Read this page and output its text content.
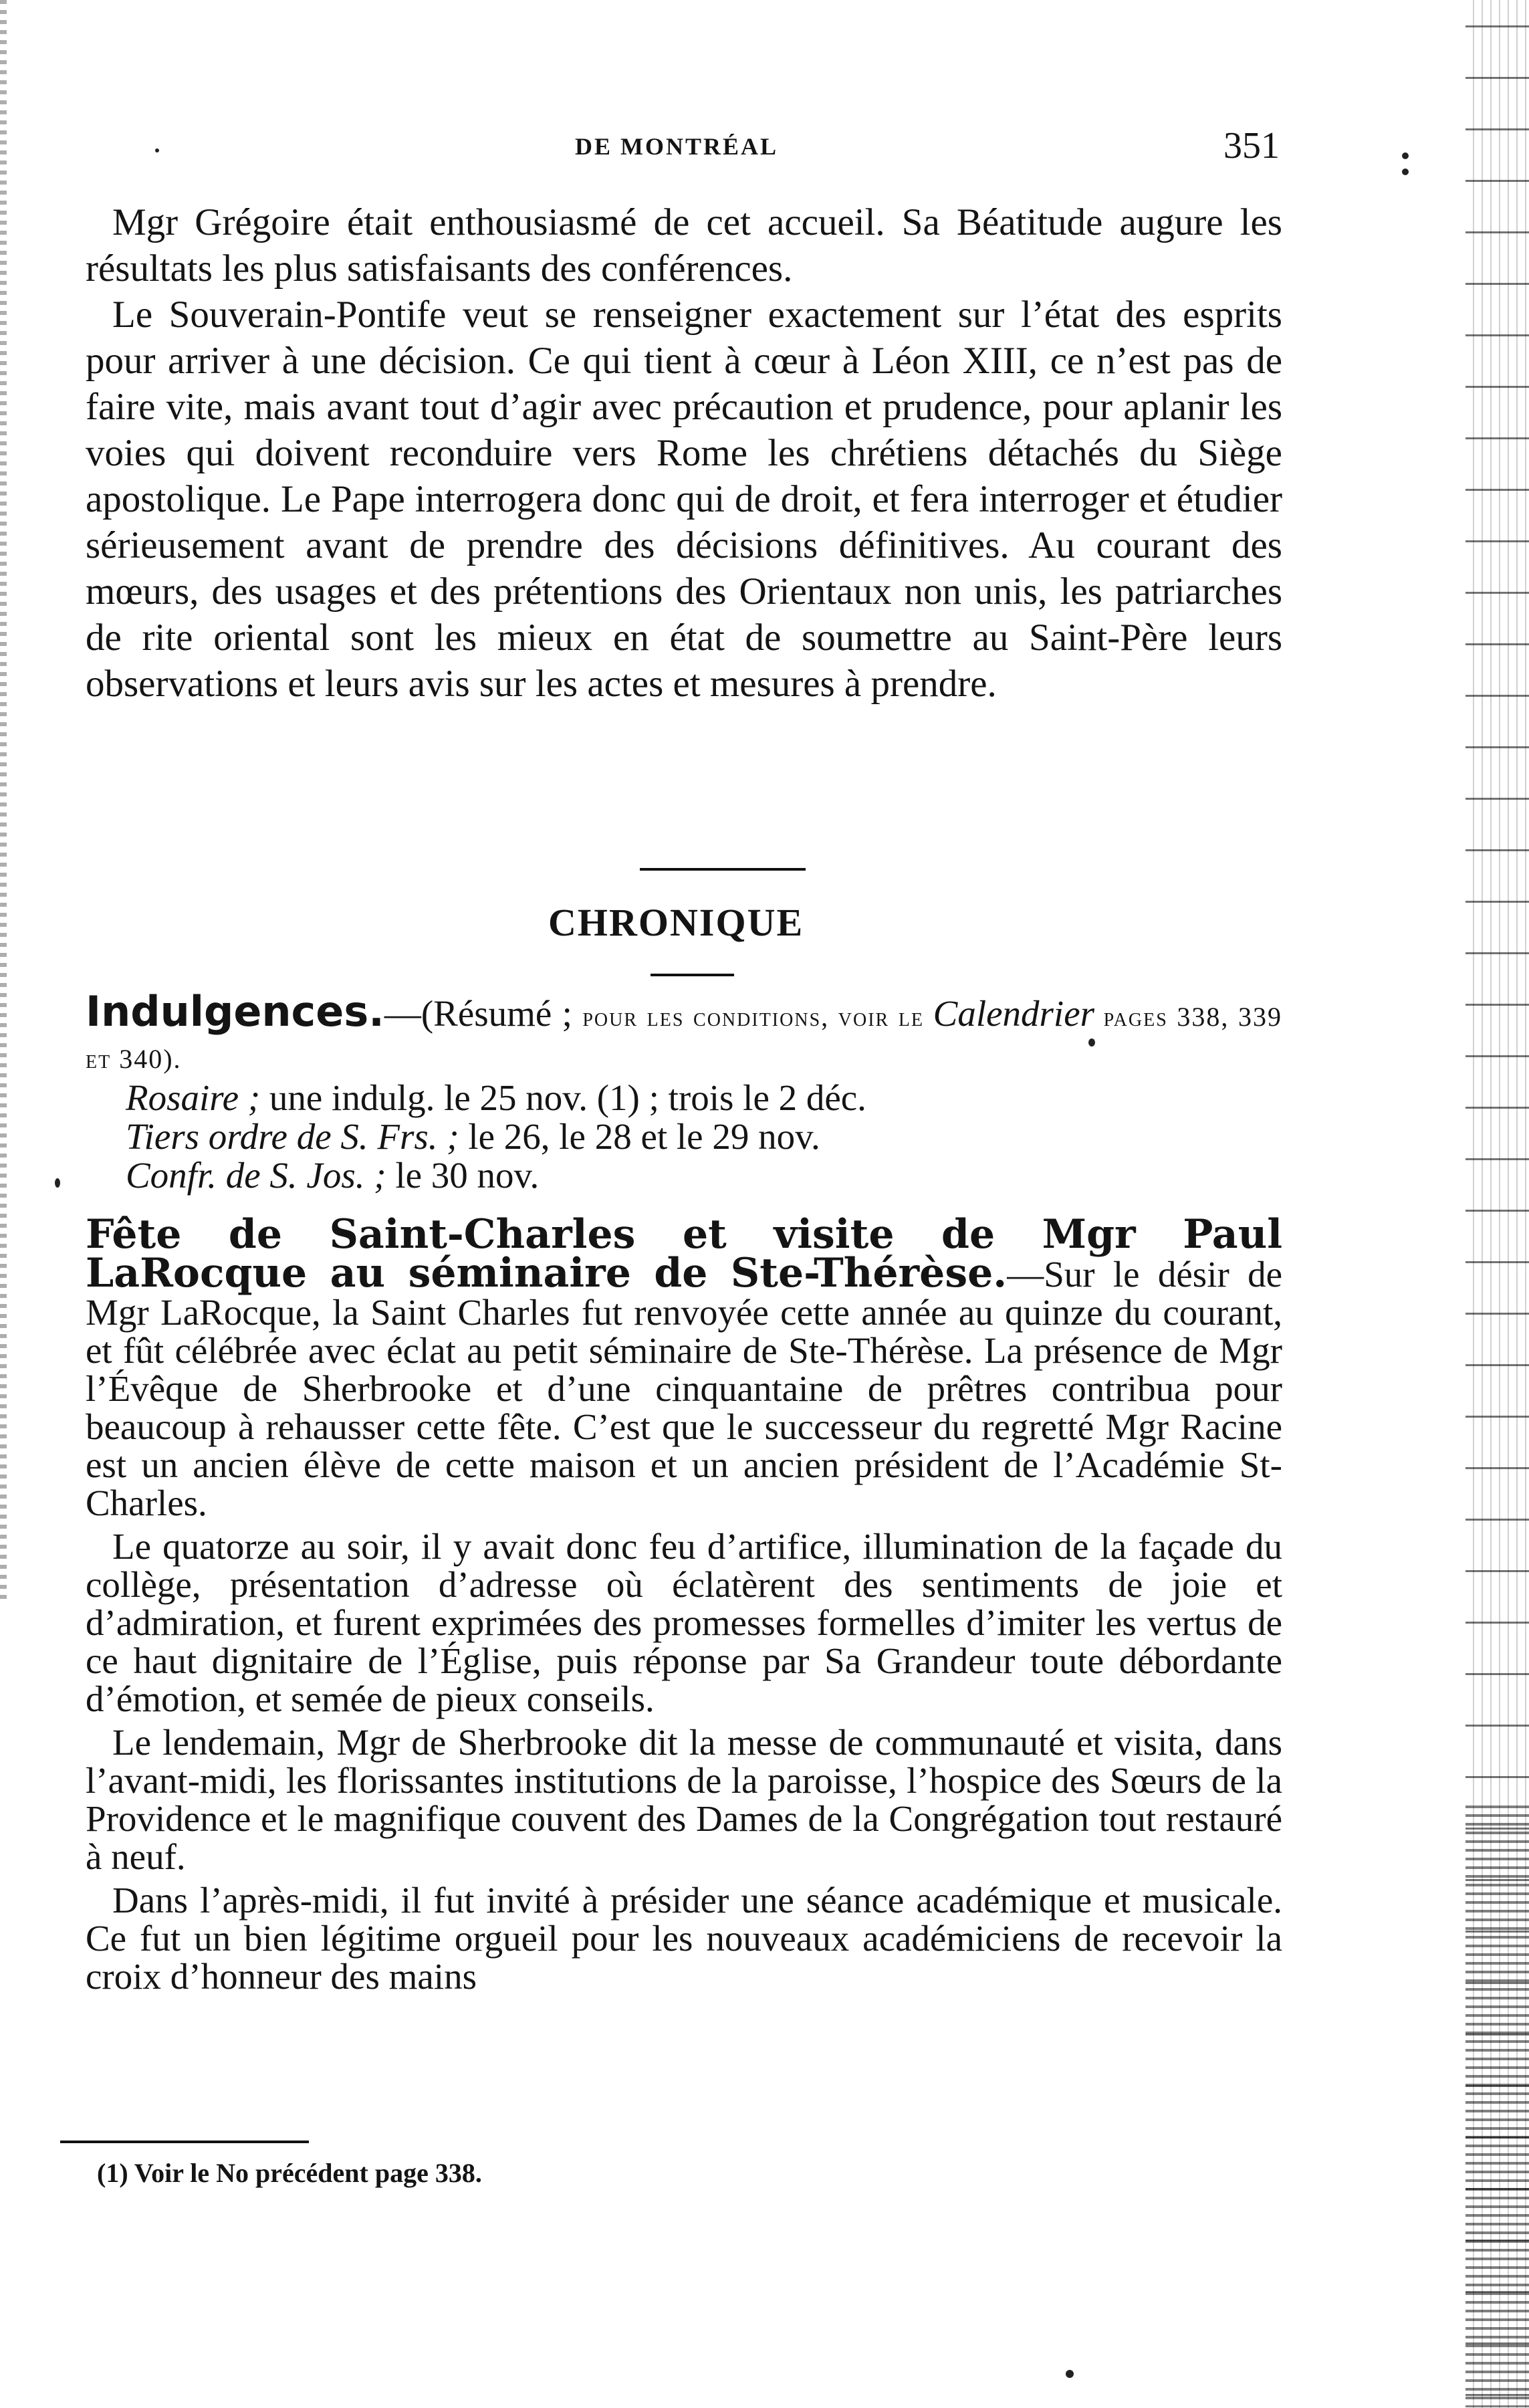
DE MONTRÉAL	351

Mgr Grégoire était enthousiasmé de cet accueil. Sa Béatitude augure les résultats les plus satisfaisants des conférences.
Le Souverain-Pontife veut se renseigner exactement sur l’état des esprits pour arriver à une décision. Ce qui tient à cœur à Léon XIII, ce n’est pas de faire vite, mais avant tout d’agir avec précaution et prudence, pour aplanir les voies qui doivent reconduire vers Rome les chrétiens détachés du Siège apostolique. Le Pape interrogera donc qui de droit, et fera interroger et étudier sérieusement avant de prendre des décisions définitives. Au courant des mœurs, des usages et des prétentions des Orientaux non unis, les patriarches de rite oriental sont les mieux en état de soumettre au Saint-Père leurs observations et leurs avis sur les actes et mesures à prendre.

CHRONIQUE

Indulgences.—(Résumé ; pour les conditions, voir le Calendrier pages 338, 339 et 340).
Rosaire ; une indulg. le 25 nov. (1) ; trois le 2 déc.
Tiers ordre de S. Frs. ; le 26, le 28 et le 29 nov.
Confr. de S. Jos. ; le 30 nov.

Fête de Saint-Charles et visite de Mgr Paul LaRocque au séminaire de Ste-Thérèse.—Sur le désir de Mgr LaRocque, la Saint Charles fut renvoyée cette année au quinze du courant, et fût célébrée avec éclat au petit séminaire de Ste-Thérèse. La présence de Mgr l’Évêque de Sherbrooke et d’une cinquantaine de prêtres contribua pour beaucoup à rehausser cette fête. C’est que le successeur du regretté Mgr Racine est un ancien élève de cette maison et un ancien président de l’Académie St-Charles.
Le quatorze au soir, il y avait donc feu d’artifice, illumination de la façade du collège, présentation d’adresse où éclatèrent des sentiments de joie et d’admiration, et furent exprimées des promesses formelles d’imiter les vertus de ce haut dignitaire de l’Église, puis réponse par Sa Grandeur toute débordante d’émotion, et semée de pieux conseils.
Le lendemain, Mgr de Sherbrooke dit la messe de communauté et visita, dans l’avant-midi, les florissantes institutions de la paroisse, l’hospice des Sœurs de la Providence et le magnifique couvent des Dames de la Congrégation tout restauré à neuf.
Dans l’après-midi, il fut invité à présider une séance académique et musicale. Ce fut un bien légitime orgueil pour les nouveaux académiciens de recevoir la croix d’honneur des mains

(1) Voir le No précédent page 338.
